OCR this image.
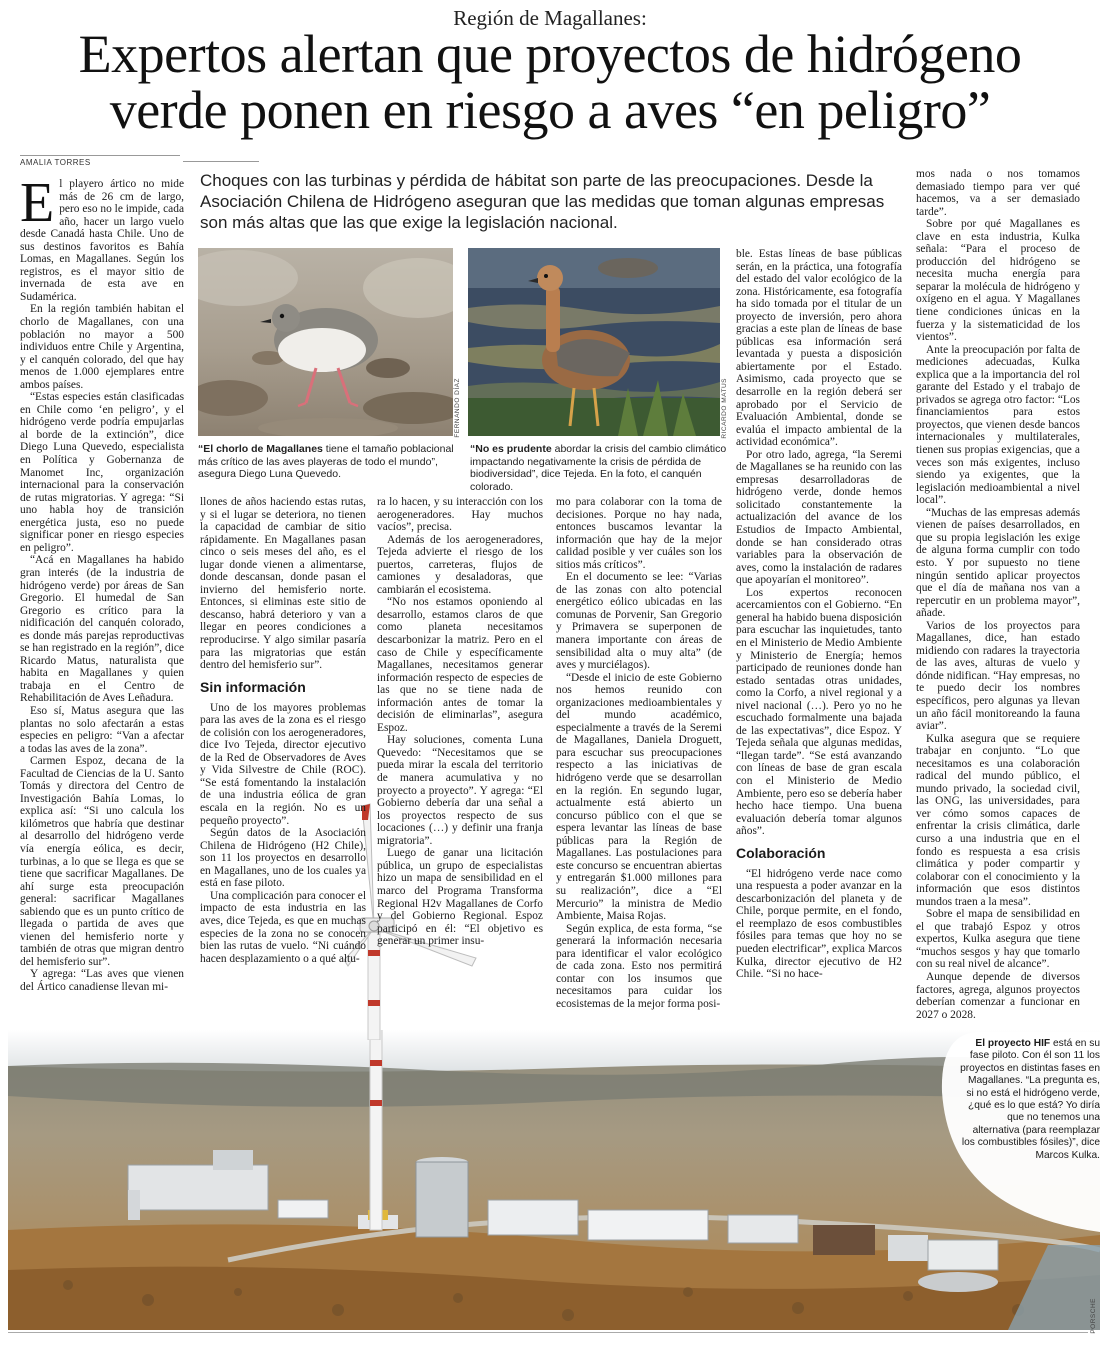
Región de Magallanes:
Expertos alertan que proyectos de hidrógeno
verde ponen en riesgo a aves “en peligro”
AMALIA TORRES
Choques con las turbinas y pérdida de hábitat son parte de las preocupaciones. Desde la Asociación Chilena de Hidrógeno aseguran que las medidas que toman algunas empresas son más altas que las que exige la legislación nacional.
FERNANDO DÍAZ
“El chorlo de Magallanes tiene el tamaño poblacional más crítico de las aves playeras de todo el mundo”, asegura Diego Luna Quevedo.
RICARDO MATUS
“No es prudente abordar la crisis del cambio climático impactando negativamente la crisis de pérdida de biodiversidad”, dice Tejeda. En la foto, el canquén colorado.
PORSCHE

El playero ártico no mide más de 26 cm de largo, pero eso no le impide, cada año, hacer un largo vuelo desde Canadá hasta Chile. Uno de sus destinos favoritos es Bahía Lomas, en Magallanes. Según los registros, es el mayor sitio de invernada de esta ave en Sudamérica.

En la región también habitan el chorlo de Magallanes, con una población no mayor a 500 individuos entre Chile y Argentina, y el canquén colorado, del que hay menos de 1.000 ejemplares entre ambos países.

“Estas especies están clasificadas en Chile como ‘en peligro’, y el hidrógeno verde podría empujarlas al borde de la extinción”, dice Diego Luna Quevedo, especialista en Política y Gobernanza de Manomet Inc, organización internacional para la conservación de rutas migratorias. Y agrega: “Si uno habla hoy de transición energética justa, eso no puede significar poner en riesgo especies en peligro”.

“Acá en Magallanes ha habido gran interés (de la industria de hidrógeno verde) por áreas de San Gregorio. El humedal de San Gregorio es crítico para la nidificación del canquén colorado, es donde más parejas reproductivas se han registrado en la región”, dice Ricardo Matus, naturalista que habita en Magallanes y quien trabaja en el Centro de Rehabilitación de Aves Leñadura.

Eso sí, Matus asegura que las plantas no solo afectarán a estas especies en peligro: “Van a afectar a todas las aves de la zona”.

Carmen Espoz, decana de la Facultad de Ciencias de la U. Santo Tomás y directora del Centro de Investigación Bahía Lomas, lo explica así: “Si uno calcula los kilómetros que habría que destinar al desarrollo del hidrógeno verde vía energía eólica, es decir, turbinas, a lo que se llega es que se tiene que sacrificar Magallanes. De ahí surge esta preocupación general: sacrificar Magallanes sabiendo que es un punto crítico de llegada o partida de aves que vienen del hemisferio norte y también de otras que migran dentro del hemisferio sur”.

Y agrega: “Las aves que vienen del Ártico canadiense llevan mi-

llones de años haciendo estas rutas, y si el lugar se deteriora, no tienen la capacidad de cambiar de sitio rápidamente. En Magallanes pasan cinco o seis meses del año, es el lugar donde vienen a alimentarse, donde descansan, donde pasan el invierno del hemisferio norte. Entonces, si eliminas este sitio de descanso, habrá deterioro y van a llegar en peores condiciones a reproducirse. Y algo similar pasaría para las migratorias que están dentro del hemisferio sur”.

Sin información

Uno de los mayores problemas para las aves de la zona es el riesgo de colisión con los aerogeneradores, dice Ivo Tejeda, director ejecutivo de la Red de Observadores de Aves y Vida Silvestre de Chile (ROC). “Se está fomentando la instalación de una industria eólica de gran escala en la región. No es un pequeño proyecto”.

Según datos de la Asociación Chilena de Hidrógeno (H2 Chile), son 11 los proyectos en desarrollo en Magallanes, uno de los cuales ya está en fase piloto.

Una complicación para conocer el impacto de esta industria en las aves, dice Tejeda, es que en muchas especies de la zona no se conocen bien las rutas de vuelo. “Ni cuándo hacen desplazamiento o a qué altu-

ra lo hacen, y su interacción con los aerogeneradores. Hay muchos vacíos”, precisa.

Además de los aerogeneradores, Tejeda advierte el riesgo de los puertos, carreteras, flujos de camiones y desaladoras, que cambiarán el ecosistema.

“No nos estamos oponiendo al desarrollo, estamos claros de que como planeta necesitamos descarbonizar la matriz. Pero en el caso de Chile y específicamente Magallanes, necesitamos generar información respecto de especies de las que no se tiene nada de información antes de tomar la decisión de eliminarlas”, asegura Espoz.

Hay soluciones, comenta Luna Quevedo: “Necesitamos que se pueda mirar la escala del territorio de manera acumulativa y no proyecto a proyecto”. Y agrega: “El Gobierno debería dar una señal a los proyectos respecto de sus locaciones (…) y definir una franja migratoria”.

Luego de ganar una licitación pública, un grupo de especialistas hizo un mapa de sensibilidad en el marco del Programa Transforma Regional H2v Magallanes de Corfo y del Gobierno Regional. Espoz participó en él: “El objetivo es generar un primer insu-

mo para colaborar con la toma de decisiones. Porque no hay nada, entonces buscamos levantar la información que hay de la mejor calidad posible y ver cuáles son los sitios más críticos”.

En el documento se lee: “Varias de las zonas con alto potencial energético eólico ubicadas en las comunas de Porvenir, San Gregorio y Primavera se superponen de manera importante con áreas de sensibilidad alta o muy alta” (de aves y murciélagos).

“Desde el inicio de este Gobierno nos hemos reunido con organizaciones medioambientales y del mundo académico, especialmente a través de la Seremi de Magallanes, Daniela Droguett, para escuchar sus preocupaciones respecto a las iniciativas de hidrógeno verde que se desarrollan en la región. En segundo lugar, actualmente está abierto un concurso público con el que se espera levantar las líneas de base públicas para la Región de Magallanes. Las postulaciones para este concurso se encuentran abiertas y entregarán $1.000 millones para su realización”, dice a “El Mercurio” la ministra de Medio Ambiente, Maisa Rojas.

Según explica, de esta forma, “se generará la información necesaria para identificar el valor ecológico de cada zona. Esto nos permitirá contar con los insumos que necesitamos para cuidar los ecosistemas de la mejor forma posi-

ble. Estas líneas de base públicas serán, en la práctica, una fotografía del estado del valor ecológico de la zona. Históricamente, esa fotografía ha sido tomada por el titular de un proyecto de inversión, pero ahora gracias a este plan de líneas de base públicas esa información será levantada y puesta a disposición abiertamente por el Estado. Asimismo, cada proyecto que se desarrolle en la región deberá ser aprobado por el Servicio de Evaluación Ambiental, donde se evalúa el impacto ambiental de la actividad económica”.

Por otro lado, agrega, “la Seremi de Magallanes se ha reunido con las empresas desarrolladoras de hidrógeno verde, donde hemos solicitado constantemente la actualización del avance de los Estudios de Impacto Ambiental, donde se han considerado otras variables para la observación de aves, como la instalación de radares que apoyarían el monitoreo”.

Los expertos reconocen acercamientos con el Gobierno. “En general ha habido buena disposición para escuchar las inquietudes, tanto en el Ministerio de Medio Ambiente y Ministerio de Energía; hemos participado de reuniones donde han estado sentadas otras unidades, como la Corfo, a nivel regional y a nivel nacional (…). Pero yo no he escuchado formalmente una bajada de las expectativas”, dice Espoz. Y Tejeda señala que algunas medidas, “llegan tarde”. “Se está avanzando con líneas de base de gran escala con el Ministerio de Medio Ambiente, pero eso se debería haber hecho hace tiempo. Una buena evaluación debería tomar algunos años”.

Colaboración

“El hidrógeno verde nace como una respuesta a poder avanzar en la descarbonización del planeta y de Chile, porque permite, en el fondo, el reemplazo de esos combustibles fósiles para temas que hoy no se pueden electrificar”, explica Marcos Kulka, director ejecutivo de H2 Chile. “Si no hace-

mos nada o nos tomamos demasiado tiempo para ver qué hacemos, va a ser demasiado tarde”.

Sobre por qué Magallanes es clave en esta industria, Kulka señala: “Para el proceso de producción del hidrógeno se necesita mucha energía para separar la molécula de hidrógeno y oxígeno en el agua. Y Magallanes tiene condiciones únicas en la fuerza y la sistematicidad de los vientos”.

Ante la preocupación por falta de mediciones adecuadas, Kulka explica que a la importancia del rol garante del Estado y el trabajo de privados se agrega otro factor: “Los financiamientos para estos proyectos, que vienen desde bancos internacionales y multilaterales, tienen sus propias exigencias, que a veces son más exigentes, incluso siendo ya exigentes, que la legislación medioambiental a nivel local”.

“Muchas de las empresas además vienen de países desarrollados, en que su propia legislación les exige de alguna forma cumplir con todo esto. Y por supuesto no tiene ningún sentido aplicar proyectos que el día de mañana nos van a repercutir en un problema mayor”, añade.

Varios de los proyectos para Magallanes, dice, han estado midiendo con radares la trayectoria de las aves, alturas de vuelo y dónde nidifican. “Hay empresas, no te puedo decir los nombres específicos, pero algunas ya llevan un año fácil monitoreando la fauna aviar”.

Kulka asegura que se requiere trabajar en conjunto. “Lo que necesitamos es una colaboración radical del mundo público, el mundo privado, la sociedad civil, las ONG, las universidades, para ver cómo somos capaces de enfrentar la crisis climática, darle curso a una industria que en el fondo es respuesta a esa crisis climática y poder compartir y colaborar con el conocimiento y la información que esos distintos mundos traen a la mesa”.

Sobre el mapa de sensibilidad en el que trabajó Espoz y otros expertos, Kulka asegura que tiene “muchos sesgos y hay que tomarlo con su real nivel de alcance”.

Aunque depende de diversos factores, agrega, algunos proyectos deberían comenzar a funcionar en 2027 o 2028.

El proyecto HIF está en su fase piloto. Con él son 11 los proyectos en distintas fases en Magallanes. “La pregunta es, si no está el hidrógeno verde, ¿qué es lo que está? Yo diría que no tenemos una alternativa (para reemplazar los combustibles fósiles)”, dice Marcos Kulka.
